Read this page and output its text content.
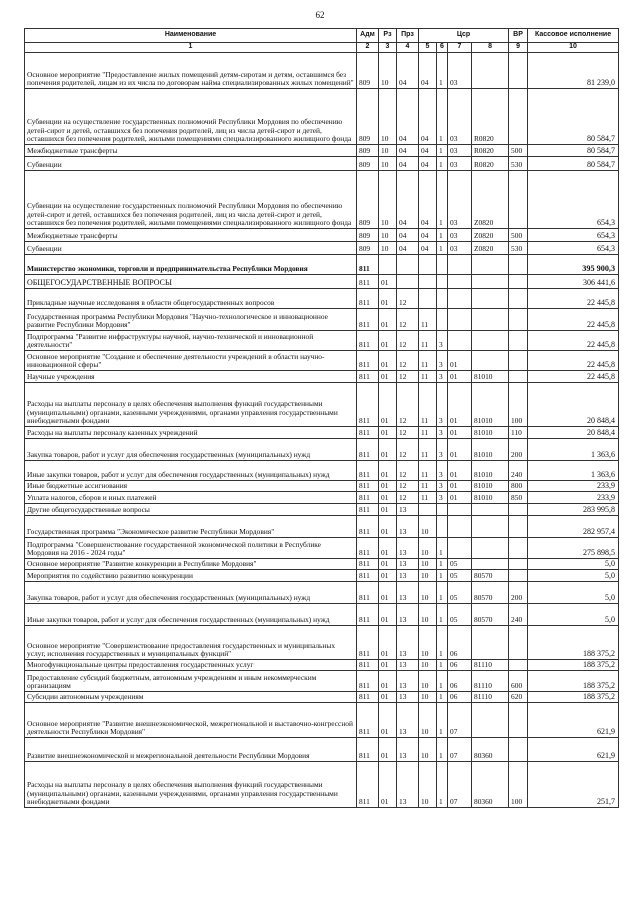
62
Наименование	Адм	Рз	Прз	Цср				ВР	Кассовое исполнение
1	2	3	4	5	6	7	8	9	10
Основное мероприятие "Предоставление жилых помещений детям-сиротам и детям, оставшимся без попечения родителей, лицам из их числа по договорам найма специализированных жилых помещений"	809	10	04	04	1	03			81 239,0
Субвенции на осуществление государственных полномочий Республики Мордовия по обеспечению детей-сирот и детей, оставшихся без попечения родителей, лиц из числа детей-сирот и детей, оставшихся без попечения родителей, жилыми помещениями специализированного жилищного фонда	809	10	04	04	1	03	R0820		80 584,7
Межбюджетные трансферты	809	10	04	04	1	03	R0820	500	80 584,7
Субвенции	809	10	04	04	1	03	R0820	530	80 584,7
Субвенции на осуществление государственных полномочий Республики Мордовия по обеспечению детей-сирот и детей, оставшихся без попечения родителей, лиц из числа детей-сирот и детей, оставшихся без попечения родителей, жилыми помещениями специализированного жилищного фонда	809	10	04	04	1	03	Z0820		654,3
Межбюджетные трансферты	809	10	04	04	1	03	Z0820	500	654,3
Субвенции	809	10	04	04	1	03	Z0820	530	654,3
Министерство экономики, торговли и предпринимательства Республики Мордовия	811								395 900,3
ОБЩЕГОСУДАРСТВЕННЫЕ ВОПРОСЫ	811	01							306 441,6
Прикладные научные исследования в области общегосударственных вопросов	811	01	12						22 445,8
Государственная программа Республики Мордовия "Научно-технологическое и инновационное развитие Республики Мордовия"	811	01	12	11					22 445,8
Подпрограмма "Развитие инфраструктуры научной, научно-технической и инновационной деятельности"	811	01	12	11	3				22 445,8
Основное мероприятие "Создание и обеспечение деятельности учреждений в области научно-инновационной сферы"	811	01	12	11	3	01			22 445,8
Научные учреждения	811	01	12	11	3	01	81010		22 445,8
Расходы на выплаты персоналу в целях обеспечения выполнения функций государственными (муниципальными) органами, казенными учреждениями, органами управления государственными внебюджетными фондами	811	01	12	11	3	01	81010	100	20 848,4
Расходы на выплаты персоналу казенных учреждений	811	01	12	11	3	01	81010	110	20 848,4
Закупка товаров, работ и услуг для обеспечения государственных (муниципальных) нужд	811	01	12	11	3	01	81010	200	1 363,6
Иные закупки товаров, работ и услуг для обеспечения государственных (муниципальных) нужд	811	01	12	11	3	01	81010	240	1 363,6
Иные бюджетные ассигнования	811	01	12	11	3	01	81010	800	233,9
Уплата налогов, сборов и иных платежей	811	01	12	11	3	01	81010	850	233,9
Другие общегосударственные вопросы	811	01	13						283 995,8
Государственная программа "Экономическое развитие Республики Мордовия"	811	01	13	10					282 957,4
Подпрограмма "Совершенствование государственной экономической политики в Республике Мордовия на 2016 - 2024 годы"	811	01	13	10	1				275 898,5
Основное мероприятие "Развитие конкуренции в Республике Мордовия"	811	01	13	10	1	05			5,0
Мероприятия по содействию развитию конкуренции	811	01	13	10	1	05	80570		5,0
Закупка товаров, работ и услуг для обеспечения государственных (муниципальных) нужд	811	01	13	10	1	05	80570	200	5,0
Иные закупки товаров, работ и услуг для обеспечения государственных (муниципальных) нужд	811	01	13	10	1	05	80570	240	5,0
Основное мероприятие "Совершенствование предоставления государственных и муниципальных услуг, исполнения государственных и муниципальных функций"	811	01	13	10	1	06			188 375,2
Многофункциональные центры предоставления государственных услуг	811	01	13	10	1	06	81110		188 375,2
Предоставление субсидий бюджетным, автономным учреждениям и иным некоммерческим организациям	811	01	13	10	1	06	81110	600	188 375,2
Субсидии автономным учреждениям	811	01	13	10	1	06	81110	620	188 375,2
Основное мероприятие "Развитие внешнеэкономической, межрегиональной и выставочно-конгрессной деятельности Республики Мордовия"	811	01	13	10	1	07			621,9
Развитие внешнеэкономической и межрегиональной деятельности Республики Мордовия	811	01	13	10	1	07	80360		621,9
Расходы на выплаты персоналу в целях обеспечения выполнения функций государственными (муниципальными) органами, казенными учреждениями, органами управления государственными внебюджетными фондами	811	01	13	10	1	07	80360	100	251,7
